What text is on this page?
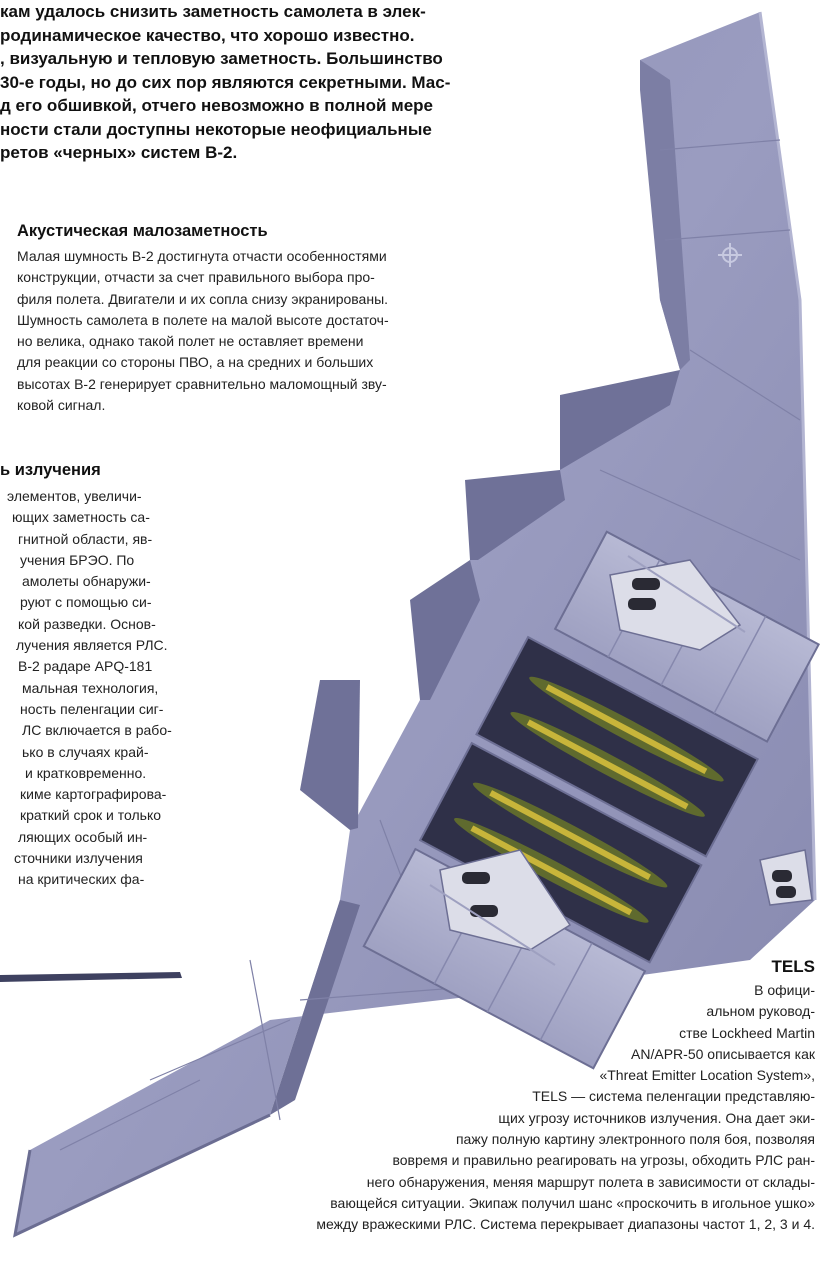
кам удалось снизить заметность самолета в элек-
родинамическое качество, что хорошо известно.
, визуальную и тепловую заметность. Большинство
30-е годы, но до сих пор являются секретными. Мас-
д его обшивкой, отчего невозможно в полной мере
ности стали доступны некоторые неофициальные
ретов «черных» систем B-2.
Акустическая малозаметность
Малая шумность B-2 достигнута отчасти особенностями
конструкции, отчасти за счет правильного выбора про-
филя полета. Двигатели и их сопла снизу экранированы.
Шумность самолета в полете на малой высоте достаточ-
но велика, однако такой полет не оставляет времени
для реакции со стороны ПВО, а на средних и больших
высотах B-2 генерирует сравнительно маломощный зву-
ковой сигнал.
ь излучения
элементов, увеличи-
ющих заметность са-
гнитной области, яв-
учения БРЭО. По
амолеты обнаружи-
руют с помощью си-
кой разведки. Основ-
лучения является РЛС.
В-2 радаре APQ-181
мальная технология,
ность пеленгации сиг-
ЛС включается в рабо-
ько в случаях край-
и кратковременно.
киме картографирова-
краткий срок и только
ляющих особый ин-
сточники излучения
на критических фа-
TELS
В офици-
альном руковод-
стве Lockheed Martin
AN/APR-50 описывается как
«Threat Emitter Location System»,
TELS — система пеленгации представляю-
щих угрозу источников излучения. Она дает эки-
пажу полную картину электронного поля боя, позволяя
вовремя и правильно реагировать на угрозы, обходить РЛС ран-
него обнаружения, меняя маршрут полета в зависимости от склады-
вающейся ситуации. Экипаж получил шанс «проскочить в игольное ушко»
между вражескими РЛС. Система перекрывает диапазоны частот 1, 2, 3 и 4.
